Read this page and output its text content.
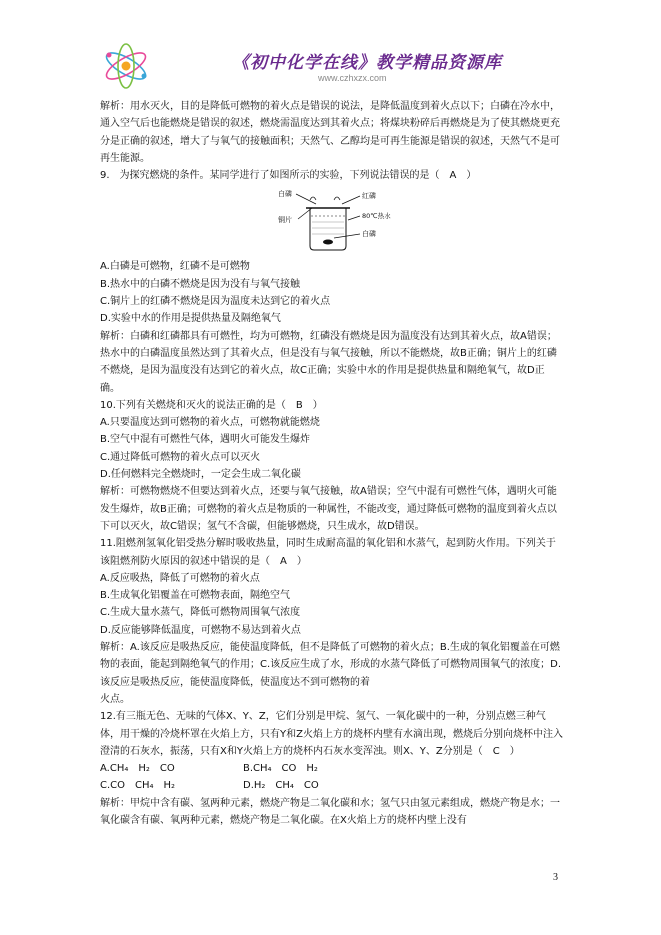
《初中化学在线》教学精品资源库
www.czhxzx.com

解析：用水灭火，目的是降低可燃物的着火点是错误的说法，是降低温度到着火点以下；白磷在冷水中，通入空气后也能燃烧是错误的叙述，燃烧需温度达到其着火点；将煤块粉碎后再燃烧是为了使其燃烧更充分是正确的叙述，增大了与氧气的接触面积；天然气、乙醇均是可再生能源是错误的叙述，天然气不是可再生能源。

9.　为探究燃烧的条件。某同学进行了如图所示的实验，下列说法错误的是（　A　）

白磷	红磷
铜片	80℃热水
白磷

A.白磷是可燃物，红磷不是可燃物

B.热水中的白磷不燃烧是因为没有与氧气接触

C.铜片上的红磷不燃烧是因为温度未达到它的着火点

D.实验中水的作用是提供热量及隔绝氧气

解析：白磷和红磷都具有可燃性，均为可燃物，红磷没有燃烧是因为温度没有达到其着火点，故A错误；热水中的白磷温度虽然达到了其着火点，但是没有与氧气接触，所以不能燃烧，故B正确；铜片上的红磷不燃烧，是因为温度没有达到它的着火点，故C正确；实验中水的作用是提供热量和隔绝氧气，故D正确。

10.下列有关燃烧和灭火的说法正确的是（　B　）

A.只要温度达到可燃物的着火点，可燃物就能燃烧

B.空气中混有可燃性气体，遇明火可能发生爆炸

C.通过降低可燃物的着火点可以灭火

D.任何燃料完全燃烧时，一定会生成二氧化碳

解析：可燃物燃烧不但要达到着火点，还要与氧气接触，故A错误；空气中混有可燃性气体，遇明火可能发生爆炸，故B正确；可燃物的着火点是物质的一种属性，不能改变，通过降低可燃物的温度到着火点以下可以灭火，故C错误；氢气不含碳，但能够燃烧，只生成水，故D错误。

11.阻燃剂氢氧化铝受热分解时吸收热量，同时生成耐高温的氧化铝和水蒸气，起到防火作用。下列关于该阻燃剂防火原因的叙述中错误的是（　A　）

A.反应吸热，降低了可燃物的着火点

B.生成氧化铝覆盖在可燃物表面，隔绝空气

C.生成大量水蒸气，降低可燃物周围氧气浓度

D.反应能够降低温度，可燃物不易达到着火点

解析：A.该反应是吸热反应，能使温度降低，但不是降低了可燃物的着火点；B.生成的氧化铝覆盖在可燃物的表面，能起到隔绝氧气的作用；C.该反应生成了水，形成的水蒸气降低了可燃物周围氧气的浓度；D.该反应是吸热反应，能使温度降低，使温度达不到可燃物的着

火点。

12.有三瓶无色、无味的气体X、Y、Z，它们分别是甲烷、氢气、一氧化碳中的一种，分别点燃三种气体，用干燥的冷烧杯罩在火焰上方，只有Y和Z火焰上方的烧杯内壁有水滴出现，燃烧后分别向烧杯中注入澄清的石灰水，振荡，只有X和Y火焰上方的烧杯内石灰水变浑浊。则X、Y、Z分别是（　C　）

A.CH₄　H₂　CO	B.CH₄　CO　H₂
C.CO　CH₄　H₂	D.H₂　CH₄　CO

解析：甲烷中含有碳、氢两种元素，燃烧产物是二氧化碳和水；氢气只由氢元素组成，燃烧产物是水；一氧化碳含有碳、氧两种元素，燃烧产物是二氧化碳。在X火焰上方的烧杯内壁上没有

3
